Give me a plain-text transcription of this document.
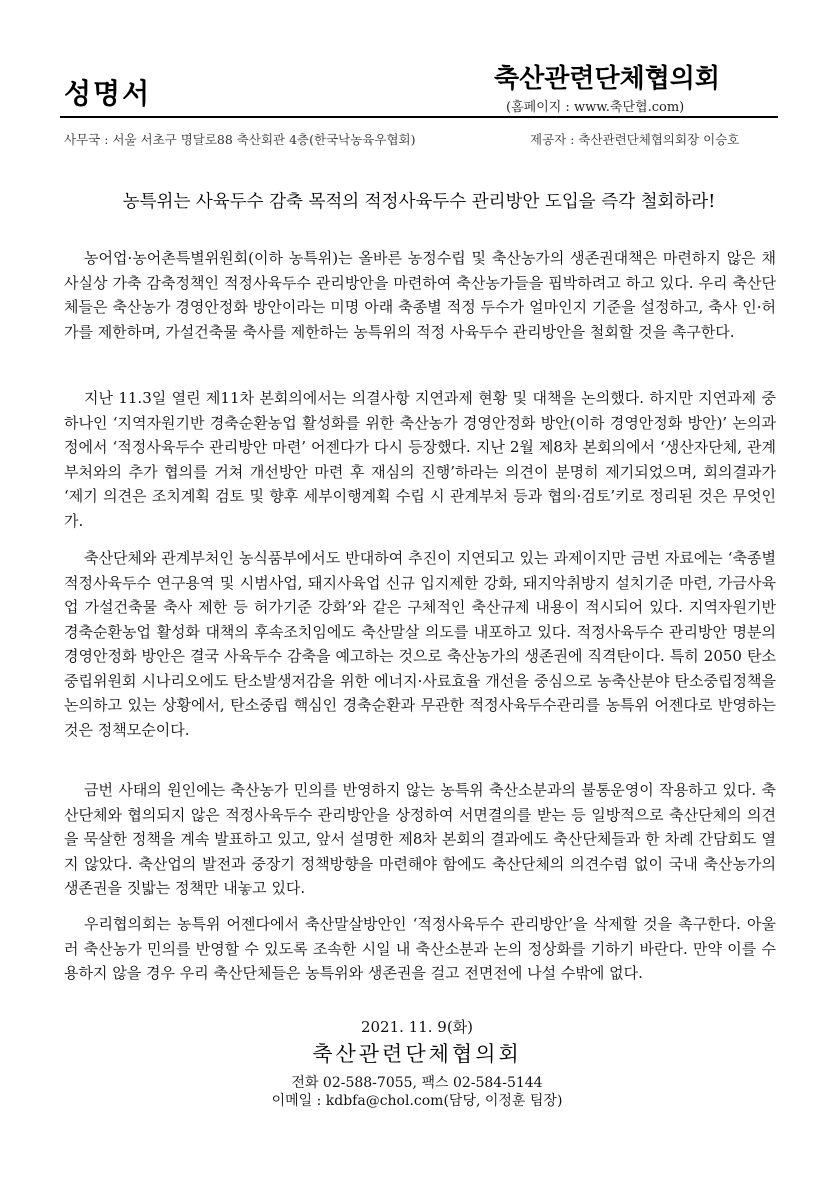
성명서	축산관련단체협의회
(홈페이지 : www.축단협.com)
사무국 : 서울 서초구 명달로88 축산회관 4층(한국낙농육우협회)	제공자 : 축산관련단체협의회장 이승호
농특위는 사육두수 감축 목적의 적정사육두수 관리방안 도입을 즉각 철회하라!

농어업·농어촌특별위원회(이하 농특위)는 올바른 농정수립 및 축산농가의 생존권대책은 마련하지 않은 채 사실상 가축 감축정책인 적정사육두수 관리방안을 마련하여 축산농가들을 핍박하려고 하고 있다. 우리 축산단체들은 축산농가 경영안정화 방안이라는 미명 아래 축종별 적정 두수가 얼마인지 기준을 설정하고, 축사 인·허가를 제한하며, 가설건축물 축사를 제한하는 농특위의 적정 사육두수 관리방안을 철회할 것을 촉구한다.

지난 11.3일 열린 제11차 본회의에서는 의결사항 지연과제 현황 및 대책을 논의했다. 하지만 지연과제 중 하나인 ‘지역자원기반 경축순환농업 활성화를 위한 축산농가 경영안정화 방안(이하 경영안정화 방안)’ 논의과정에서 ‘적정사육두수 관리방안 마련’ 어젠다가 다시 등장했다. 지난 2월 제8차 본회의에서 ‘생산자단체, 관계부처와의 추가 협의를 거쳐 개선방안 마련 후 재심의 진행’하라는 의견이 분명히 제기되었으며, 회의결과가 ‘제기 의견은 조치계획 검토 및 향후 세부이행계획 수립 시 관계부처 등과 협의·검토’키로 정리된 것은 무엇인가.

축산단체와 관계부처인 농식품부에서도 반대하여 추진이 지연되고 있는 과제이지만 금번 자료에는 ‘축종별 적정사육두수 연구용역 및 시범사업, 돼지사육업 신규 입지제한 강화, 돼지악취방지 설치기준 마련, 가금사육업 가설건축물 축사 제한 등 허가기준 강화’와 같은 구체적인 축산규제 내용이 적시되어 있다. 지역자원기반 경축순환농업 활성화 대책의 후속조치임에도 축산말살 의도를 내포하고 있다. 적정사육두수 관리방안 명분의 경영안정화 방안은 결국 사육두수 감축을 예고하는 것으로 축산농가의 생존권에 직격탄이다. 특히 2050 탄소중립위원회 시나리오에도 탄소발생저감을 위한 에너지·사료효율 개선을 중심으로 농축산분야 탄소중립정책을 논의하고 있는 상황에서, 탄소중립 핵심인 경축순환과 무관한 적정사육두수관리를 농특위 어젠다로 반영하는 것은 정책모순이다.

금번 사태의 원인에는 축산농가 민의를 반영하지 않는 농특위 축산소분과의 불통운영이 작용하고 있다. 축산단체와 협의되지 않은 적정사육두수 관리방안을 상정하여 서면결의를 받는 등 일방적으로 축산단체의 의견을 묵살한 정책을 계속 발표하고 있고, 앞서 설명한 제8차 본회의 결과에도 축산단체들과 한 차례 간담회도 열지 않았다. 축산업의 발전과 중장기 정책방향을 마련해야 함에도 축산단체의 의견수렴 없이 국내 축산농가의 생존권을 짓밟는 정책만 내놓고 있다.

우리협의회는 농특위 어젠다에서 축산말살방안인 ‘적정사육두수 관리방안’을 삭제할 것을 촉구한다. 아울러 축산농가 민의를 반영할 수 있도록 조속한 시일 내 축산소분과 논의 정상화를 기하기 바란다. 만약 이를 수용하지 않을 경우 우리 축산단체들은 농특위와 생존권을 걸고 전면전에 나설 수밖에 없다.

2021. 11. 9(화)
축산관련단체협의회
전화 02-588-7055, 팩스 02-584-5144
이메일 : kdbfa@chol.com(담당, 이정훈 팀장)
